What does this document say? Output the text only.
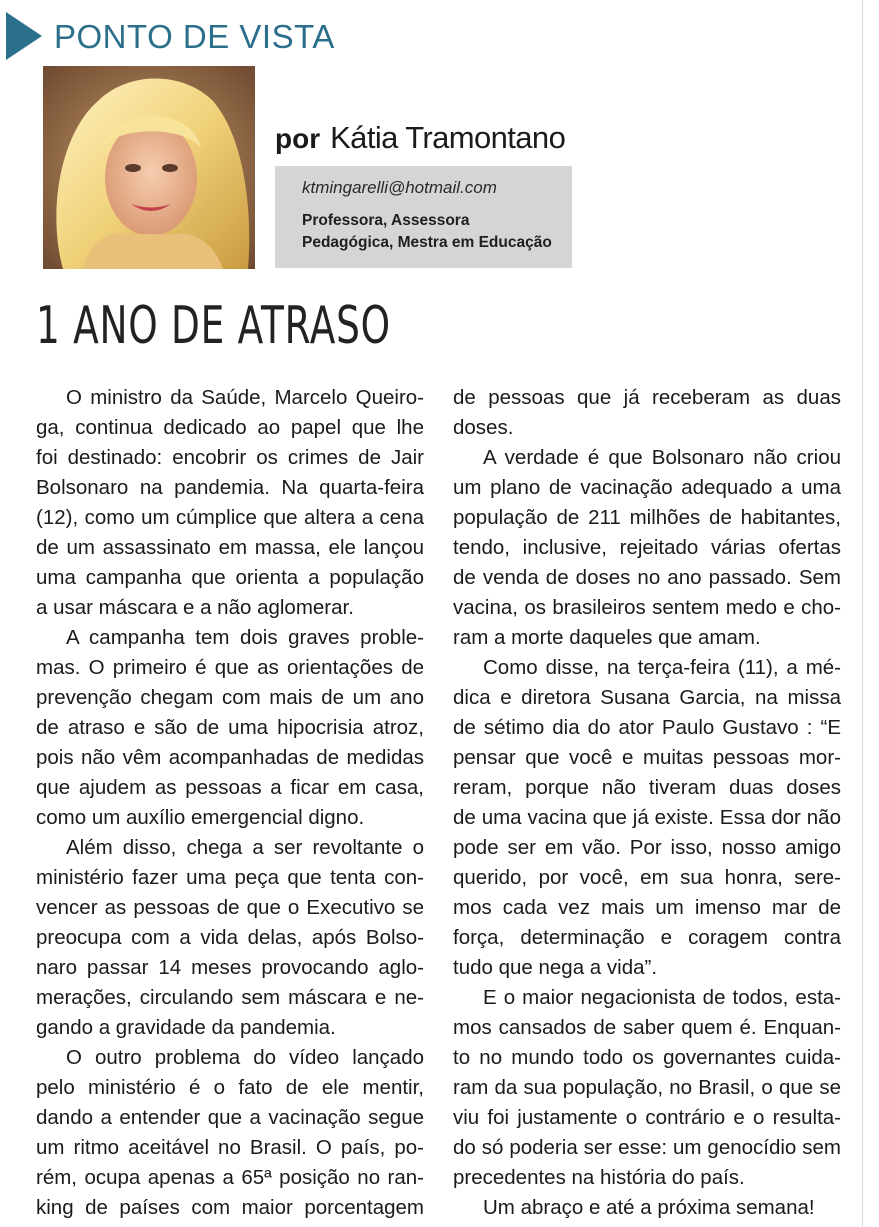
PONTO DE VISTA
por Kátia Tramontano
ktmingarelli@hotmail.com
Professora, Assessora
Pedagógica, Mestra em Educação
1 ANO DE ATRASO
O ministro da Saúde, Marcelo Queiro-
ga, continua dedicado ao papel que lhe
foi destinado: encobrir os crimes de Jair
Bolsonaro na pandemia. Na quarta-feira
(12), como um cúmplice que altera a cena
de um assassinato em massa, ele lançou
uma campanha que orienta a população
a usar máscara e a não aglomerar.
A campanha tem dois graves proble-
mas. O primeiro é que as orientações de
prevenção chegam com mais de um ano
de atraso e são de uma hipocrisia atroz,
pois não vêm acompanhadas de medidas
que ajudem as pessoas a ficar em casa,
como um auxílio emergencial digno.
Além disso, chega a ser revoltante o
ministério fazer uma peça que tenta con-
vencer as pessoas de que o Executivo se
preocupa com a vida delas, após Bolso-
naro passar 14 meses provocando aglo-
merações, circulando sem máscara e ne-
gando a gravidade da pandemia.
O outro problema do vídeo lançado
pelo ministério é o fato de ele mentir,
dando a entender que a vacinação segue
um ritmo aceitável no Brasil. O país, po-
rém, ocupa apenas a 65ª posição no ran-
king de países com maior porcentagem
de pessoas que já receberam as duas
doses.
A verdade é que Bolsonaro não criou
um plano de vacinação adequado a uma
população de 211 milhões de habitantes,
tendo, inclusive, rejeitado várias ofertas
de venda de doses no ano passado. Sem
vacina, os brasileiros sentem medo e cho-
ram a morte daqueles que amam.
Como disse, na terça-feira (11), a mé-
dica e diretora Susana Garcia, na missa
de sétimo dia do ator Paulo Gustavo : “E
pensar que você e muitas pessoas mor-
reram, porque não tiveram duas doses
de uma vacina que já existe. Essa dor não
pode ser em vão. Por isso, nosso amigo
querido, por você, em sua honra, sere-
mos cada vez mais um imenso mar de
força, determinação e coragem contra
tudo que nega a vida”.
E o maior negacionista de todos, esta-
mos cansados de saber quem é. Enquan-
to no mundo todo os governantes cuida-
ram da sua população, no Brasil, o que se
viu foi justamente o contrário e o resulta-
do só poderia ser esse: um genocídio sem
precedentes na história do país.
Um abraço e até a próxima semana!
